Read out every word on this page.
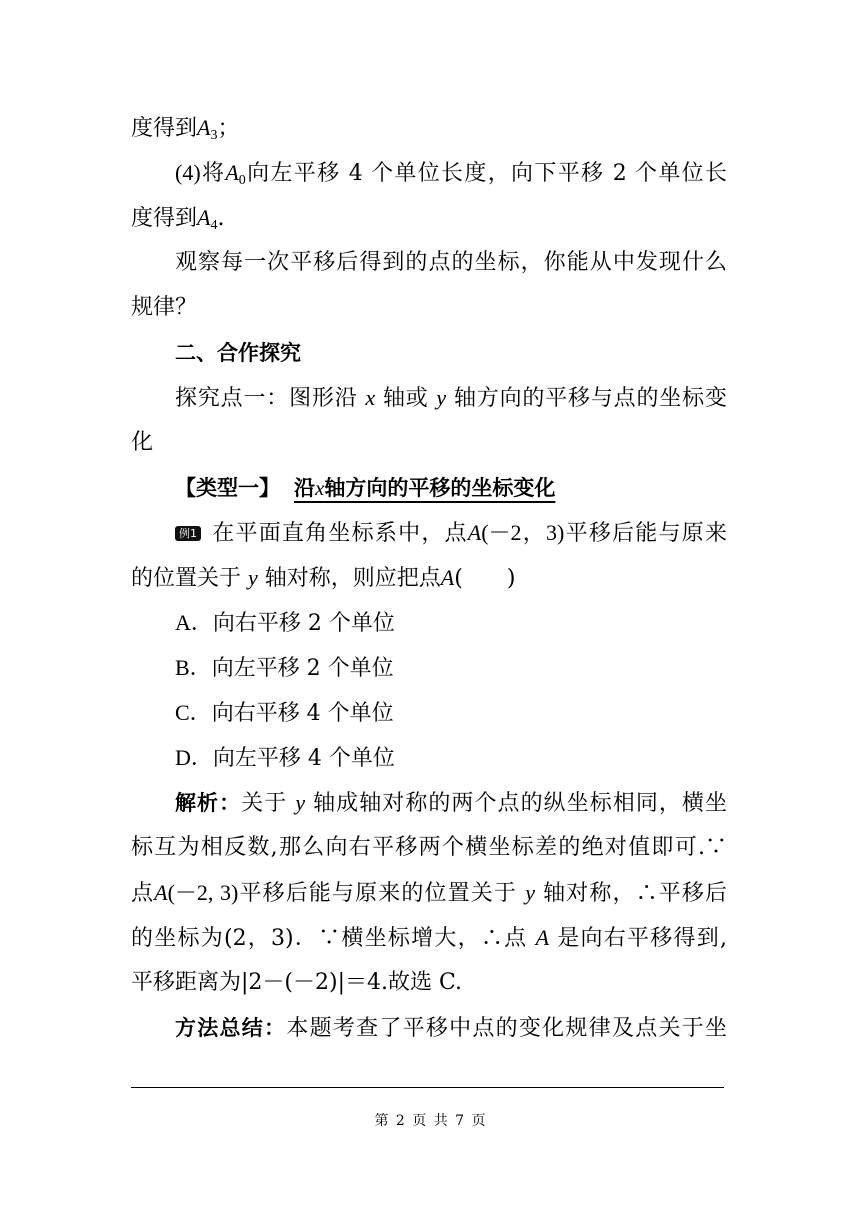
度得到$A_3$；
(4)将$A_0$向左平移 4 个单位长度，向下平移 2 个单位长
度得到$A_4$.
观察每一次平移后得到的点的坐标，你能从中发现什么
规律？
二、合作探究
探究点一：图形沿 x 轴或 y 轴方向的平移与点的坐标变
化
【类型一】 沿x轴方向的平移的坐标变化
例1 在平面直角坐标系中，点A(－2，3)平移后能与原来
的位置关于 y 轴对称，则应把点A(　　)
A．向右平移 2 个单位
B．向左平移 2 个单位
C．向右平移 4 个单位
D．向左平移 4 个单位
解析：关于 y 轴成轴对称的两个点的纵坐标相同，横坐
标互为相反数,那么向右平移两个横坐标差的绝对值即可.∵
点A(－2, 3)平移后能与原来的位置关于 y 轴对称，∴平移后
的坐标为(2，3)．∵横坐标增大，∴点 A 是向右平移得到,
平移距离为|2－(－2)|＝4.故选 C.
方法总结：本题考查了平移中点的变化规律及点关于坐
第 2 页 共 7 页
